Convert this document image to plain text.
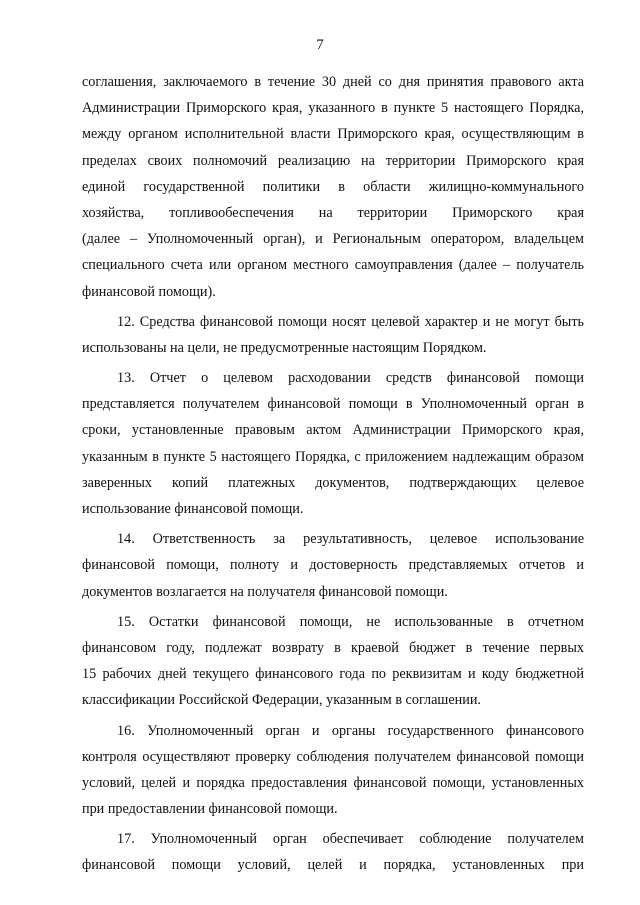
7
соглашения, заключаемого в течение 30 дней со дня принятия правового акта
Администрации Приморского края, указанного в пункте 5 настоящего Порядка,
между органом исполнительной власти Приморского края, осуществляющим в
пределах своих полномочий реализацию на территории Приморского края
единой государственной политики в области жилищно-коммунального
хозяйства, топливообеспечения на территории Приморского края
(далее – Уполномоченный орган), и Региональным оператором, владельцем
специального счета или органом местного самоуправления (далее – получатель
финансовой помощи).
12. Средства финансовой помощи носят целевой характер и не могут быть
использованы на цели, не предусмотренные настоящим Порядком.
13. Отчет о целевом расходовании средств финансовой помощи
представляется получателем финансовой помощи в Уполномоченный орган в
сроки, установленные правовым актом Администрации Приморского края,
указанным в пункте 5 настоящего Порядка, с приложением надлежащим образом
заверенных копий платежных документов, подтверждающих целевое
использование финансовой помощи.
14. Ответственность за результативность, целевое использование
финансовой помощи, полноту и достоверность представляемых отчетов и
документов возлагается на получателя финансовой помощи.
15. Остатки финансовой помощи, не использованные в отчетном
финансовом году, подлежат возврату в краевой бюджет в течение первых
15 рабочих дней текущего финансового года по реквизитам и коду бюджетной
классификации Российской Федерации, указанным в соглашении.
16. Уполномоченный орган и органы государственного финансового
контроля осуществляют проверку соблюдения получателем финансовой помощи
условий, целей и порядка предоставления финансовой помощи, установленных
при предоставлении финансовой помощи.
17. Уполномоченный орган обеспечивает соблюдение получателем
финансовой помощи условий, целей и порядка, установленных при
